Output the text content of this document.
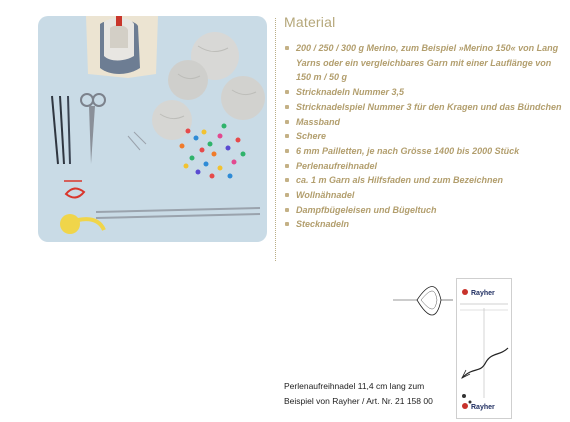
Material
200 / 250 / 300 g Merino, zum Beispiel »Merino 150« von Lang Yarns oder ein vergleichbares Garn mit einer Lauflänge von 150 m / 50 g
Stricknadeln Nummer 3,5
Stricknadelspiel Nummer 3 für den Kragen und das Bündchen
Massband
Schere
6 mm Pailletten, je nach Grösse 1400 bis 2000 Stück
Perlenaufreihnadel
ca. 1 m Garn als Hilfsfaden und zum Bezeichnen
Wollnähnadel
Dampfbügeleisen und Bügeltuch
Stecknadeln
Rayher
Rayher
Perlenaufreihnadel 11,4 cm lang zum
Beispiel von Rayher / Art. Nr. 21 158 00
